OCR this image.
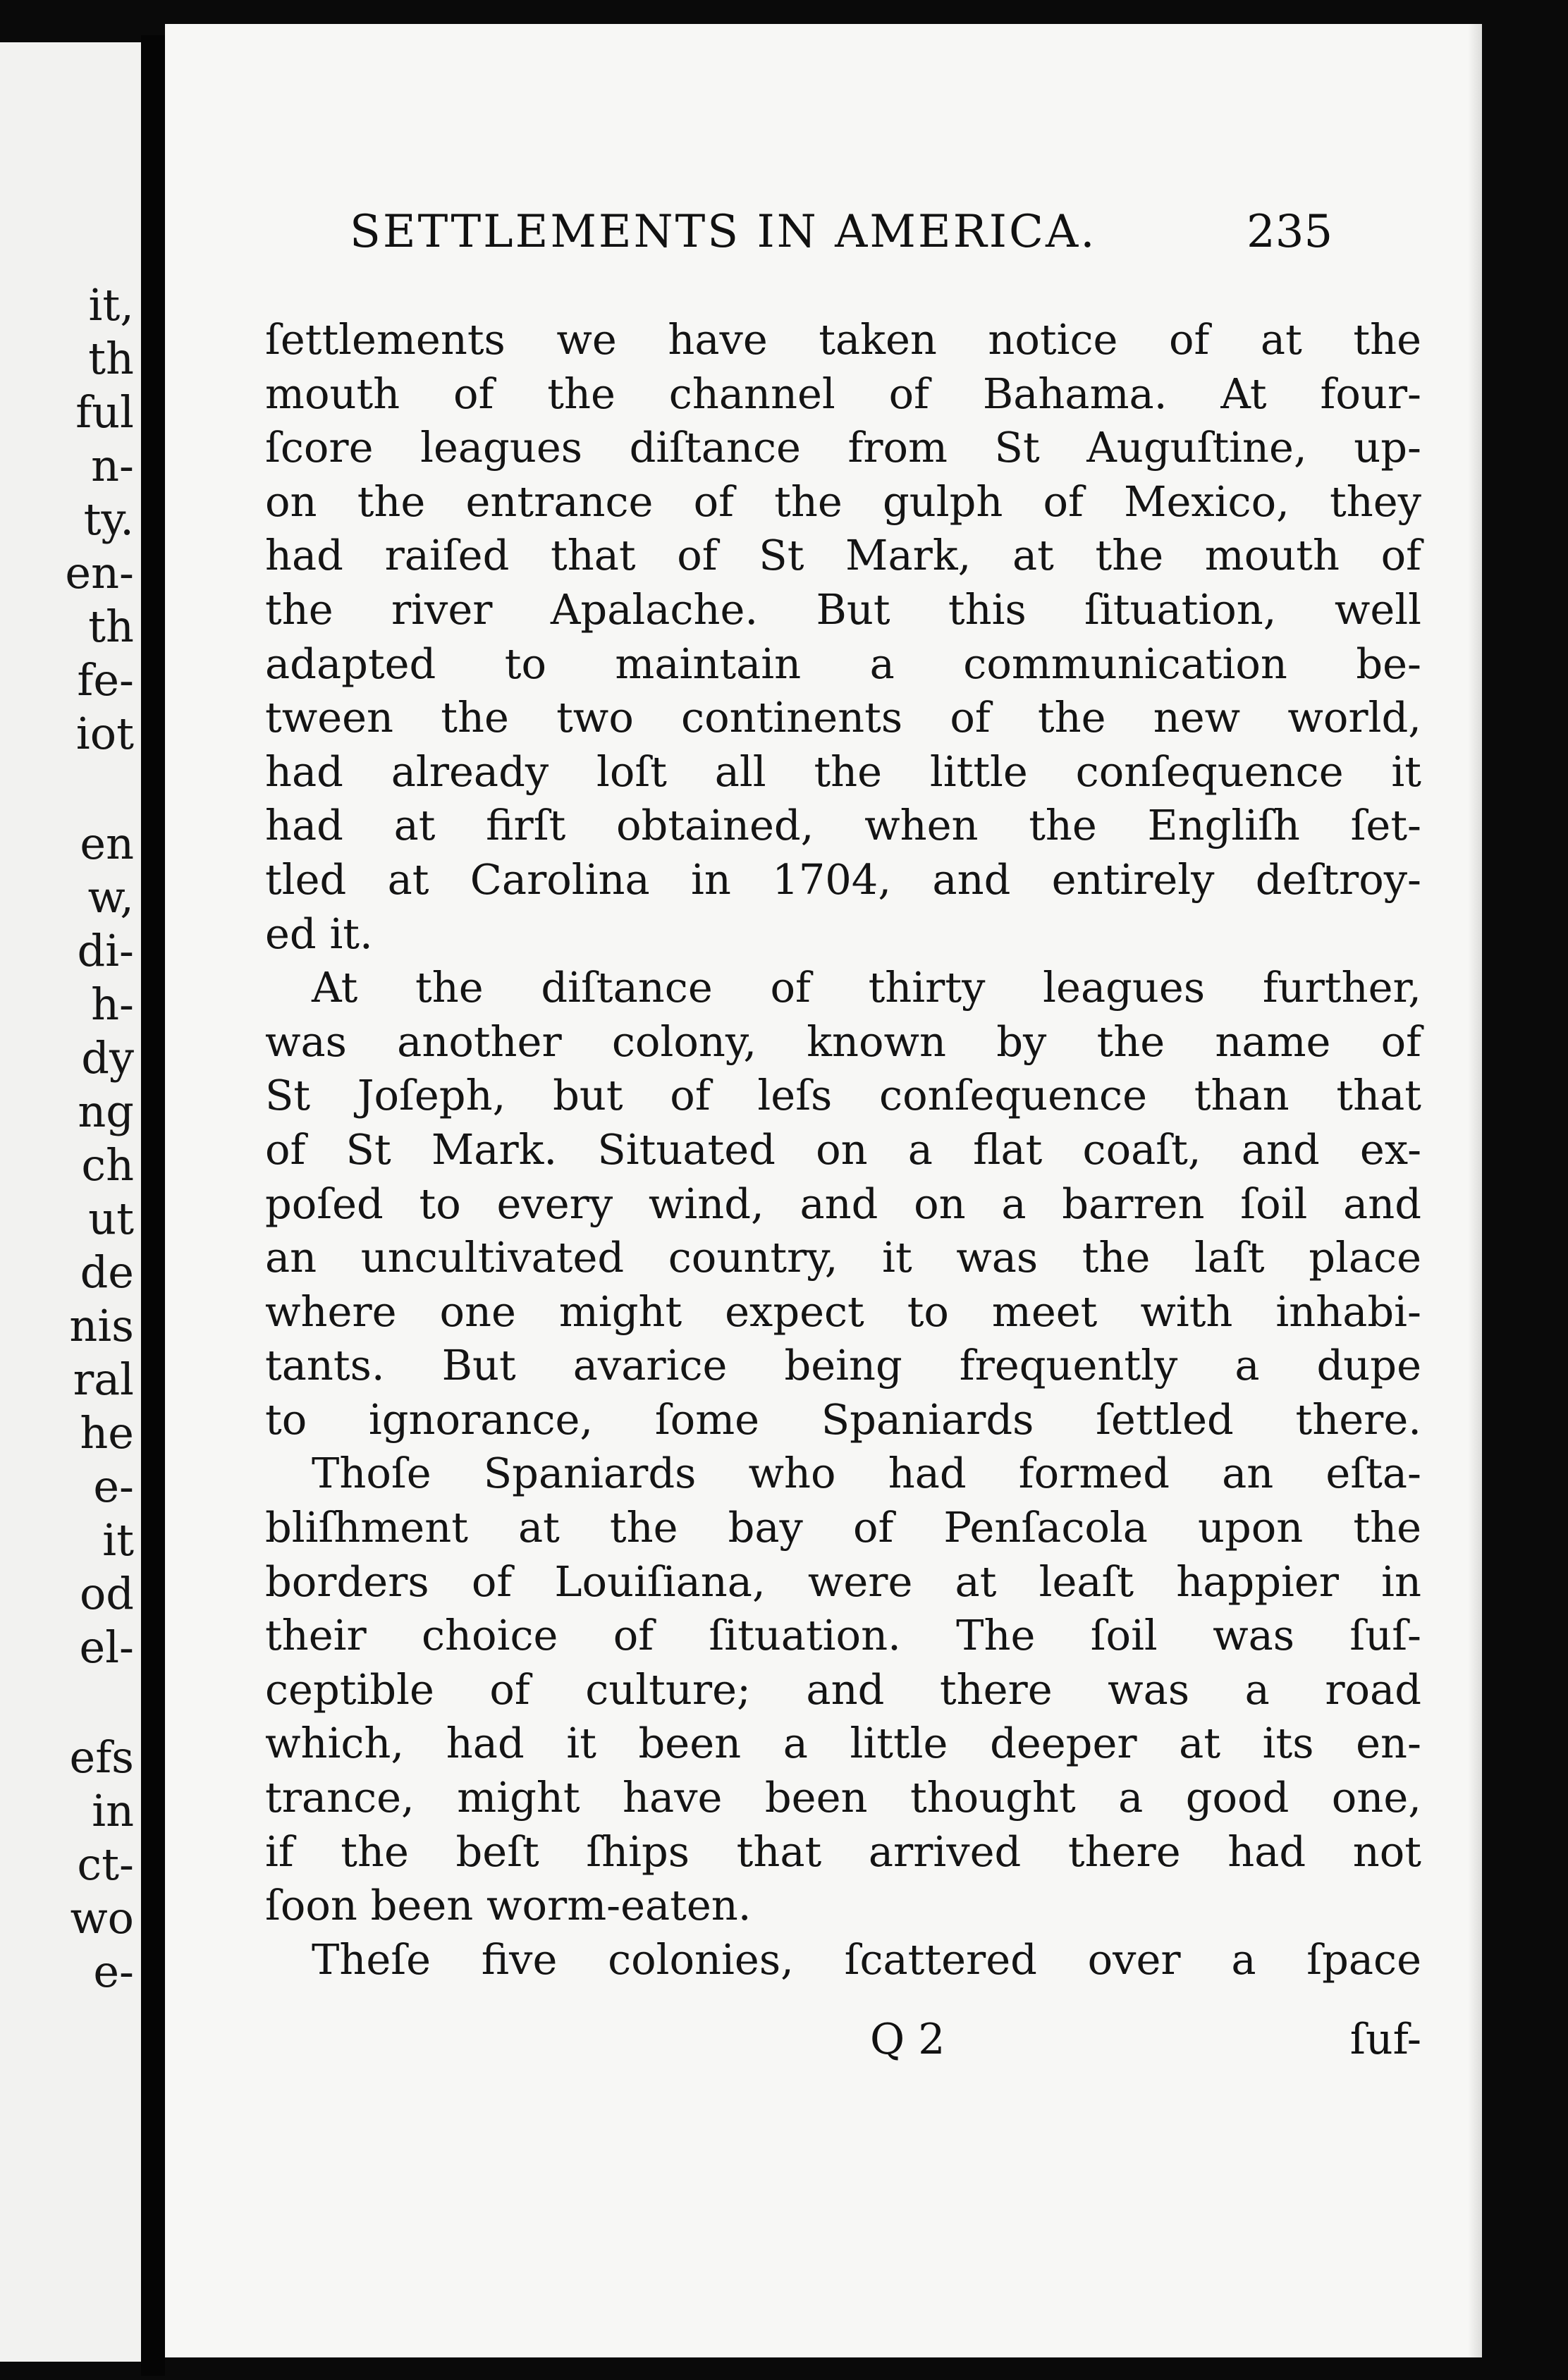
it,
th
ful
n-
ty.
en-
th
fe-
iot
en
w,
di-
h-
dy
ng
ch
ut
de
nis
ral
he
e-
it
od
el-
efs
in
ct-
wo
e-
SETTLEMENTS IN AMERICA.	235
ſettlements we have taken notice of at the
mouth of the channel of Bahama. At four-
ſcore leagues diſtance from St Auguſtine, up-
on the entrance of the gulph of Mexico, they
had raiſed that of St Mark, at the mouth of
the river Apalache. But this ſituation, well
adapted to maintain a communication be-
tween the two continents of the new world,
had already loſt all the little conſequence it
had at firſt obtained, when the Engliſh ſet-
tled at Carolina in 1704, and entirely deſtroy-
ed it.
At the diſtance of thirty leagues further,
was another colony, known by the name of
St Joſeph, but of leſs conſequence than that
of St Mark. Situated on a flat coaſt, and ex-
poſed to every wind, and on a barren ſoil and
an uncultivated country, it was the laſt place
where one might expect to meet with inhabi-
tants. But avarice being frequently a dupe
to ignorance, ſome Spaniards ſettled there.
Thoſe Spaniards who had formed an eſta-
bliſhment at the bay of Penſacola upon the
borders of Louiſiana, were at leaſt happier in
their choice of ſituation. The ſoil was ſuſ-
ceptible of culture; and there was a road
which, had it been a little deeper at its en-
trance, might have been thought a good one,
if the beſt ſhips that arrived there had not
ſoon been worm-eaten.
Theſe five colonies, ſcattered over a ſpace
Q 2	ſuf-
